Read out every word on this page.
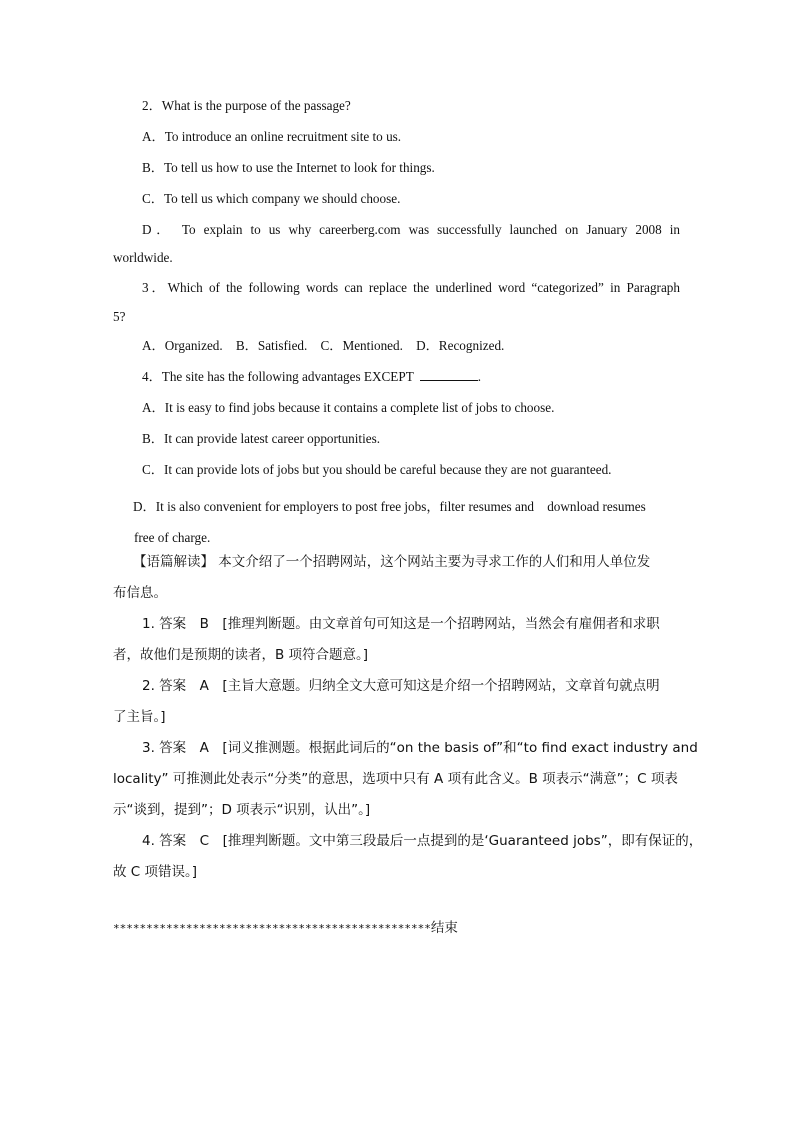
2．What is the purpose of the passage?
A．To introduce an online recruitment site to us.
B．To tell us how to use the Internet to look for things.
C．To tell us which company we should choose.
D． To explain to us why careerberg.com was successfully launched on January 2008 in
worldwide.
3．Which of the following words can replace the underlined word “categorized” in Paragraph
5?
A．Organized.　B．Satisfied.　C．Mentioned.　D．Recognized.
4．The site has the following advantages EXCEPT	.
A．It is easy to find jobs because it contains a complete list of jobs to choose.
B．It can provide latest career opportunities.
C．It can provide lots of jobs but you should be careful because they are not guaranteed.
D．It is also convenient for employers to post free jobs，filter resumes and　download resumes
free of charge.
【语篇解读】 本文介绍了一个招聘网站，这个网站主要为寻求工作的人们和用人单位发
布信息。
1. 答案　B　[推理判断题。由文章首句可知这是一个招聘网站，当然会有雇佣者和求职
者，故他们是预期的读者，B 项符合题意。]
2. 答案　A　[主旨大意题。归纳全文大意可知这是介绍一个招聘网站，文章首句就点明
了主旨。]
3. 答案　A　[词义推测题。根据此词后的“on the basis of”和“to find exact industry and
locality” 可推测此处表示“分类”的意思，选项中只有 A 项有此含义。B 项表示“满意”；C 项表
示“谈到，提到”；D 项表示“识别，认出”。]
4. 答案　C　[推理判断题。文中第三段最后一点提到的是‘Guaranteed jobs”，即有保证的，
故 C 项错误。]
************************************************结束
